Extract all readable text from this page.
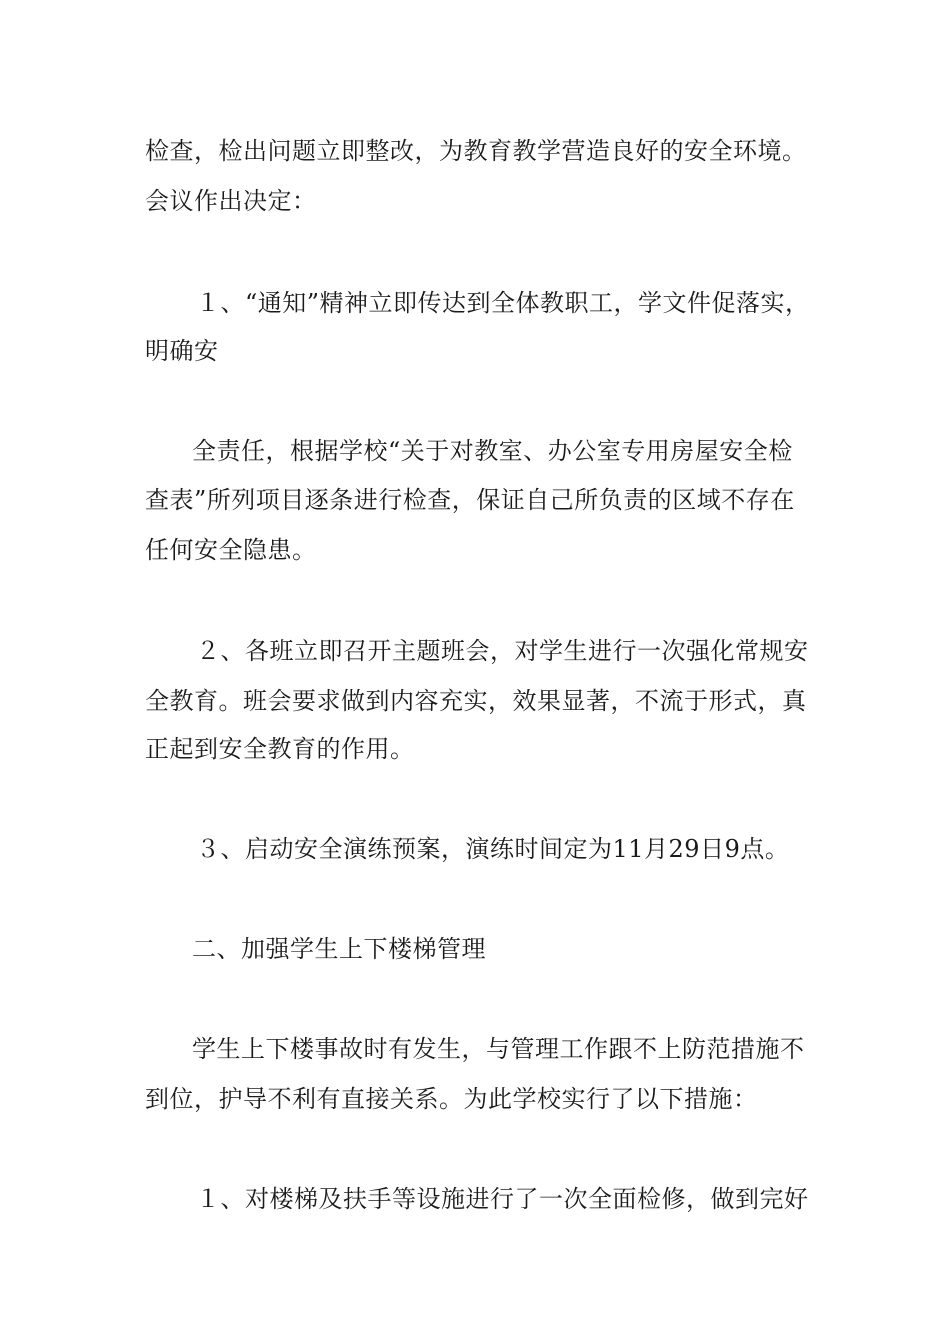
检查，检出问题立即整改，为教育教学营造良好的安全环境。
会议作出决定：
１、“通知”精神立即传达到全体教职工，学文件促落实，
明确安
全责任，根据学校“关于对教室、办公室专用房屋安全检
查表”所列项目逐条进行检查，保证自己所负责的区域不存在
任何安全隐患。
２、各班立即召开主题班会，对学生进行一次强化常规安
全教育。班会要求做到内容充实，效果显著，不流于形式，真
正起到安全教育的作用。
３、启动安全演练预案，演练时间定为11月29日9点。
二、加强学生上下楼梯管理
学生上下楼事故时有发生，与管理工作跟不上防范措施不
到位，护导不利有直接关系。为此学校实行了以下措施：
１、对楼梯及扶手等设施进行了一次全面检修，做到完好
